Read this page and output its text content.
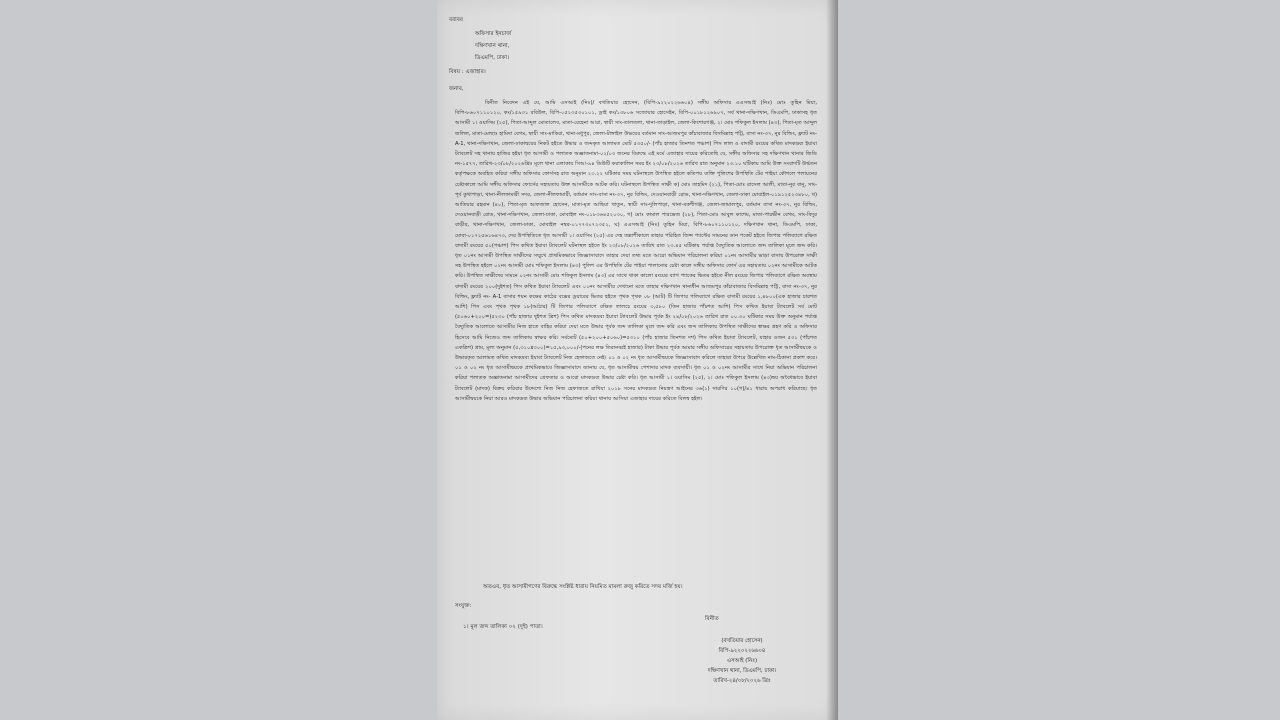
বরাবর
অফিসার ইনচার্জ
দক্ষিণখান থানা,
ডিএমপি, ঢাকা।
বিষয় : এজাহার।
জনাব,

বিনীত নিবেদন এই যে, আমি এসআই (নিঃ)/ বখতিয়ার হোসেন, (বিপি-৯২২০২২৬৬০৪) সঙ্গীয় অফিসার এএসআই (নিঃ) মোঃ তুহিন মিয়া, বিপি-৮৬০৭১১০১২০, কং/১৫৯৩১ রবিউল, বিপি-০৫২৩৫৩০১০১, ড্রাই কং/১৩৮০৬ সজোয়ার হোসেইন, বিপি-০০১৮১২৬৯০৭, সর্ব থানা-দক্ষিণখান, ডিএমপি, ঢাকাসহ ধৃত আসামী ১। ওয়াসিম (২৫), পিতা-আব্দুল মোতালেব, মাতা-রেহেনা আরা, স্থায়ী সাং-তালতলা, থানা-তাড়াইল, জেলা-কিশোরগঞ্জ, ২। মোঃ শফিকুল ইসলাম (৪৩), পিতা-মৃত আব্দুল জলিল, মাতা-মোছাঃ হামিদা বেগম, স্থায়ী সাং-মাকিরা, থানা-মধুপুর, জেলা-টাঙ্গাইল উভয়ের বর্তমান সাং-আজমপুর কাঁচাবাজার বিসমিল্লাহ পট্টি, বাসা নং-৩৭, নুর বিল্ডিং, ফ্ল্যাট নং- A-1, থানা-দক্ষিণখান, জেলা-ঢাকাদ্বয়ের নিকট হইতে উদ্ধার ও জব্দকৃত আলামত মোট ৫৩৫০/- (পাঁচ হাজার তিনশত পঞ্চাশ) পিস লাল ও বাদামী রংয়ের কথিত মাদকদ্রব্য ইয়াবা ট্যাবলেট সহ থানায় হাজির হইয়া ধৃত আসামী ও পলাতক অজ্ঞাতনামা-০২/০৩ জনের বিরুদ্ধে এই মর্মে এজাহার দায়ের করিতেছি যে, সঙ্গীয় অফিসার সহ দক্ষিণখান থানার জিডি নং-১৫৭৭, তারিখ-২৩/০৮/২০২৬খ্রিঃ মূলে থানা এলাকায় সিআ-৯৪ ডিউটি করাকালিন সময় ইং ২৩/০৮/২০২৬ তারিখ রাত অনুমান ২৩.১০ ঘটিকায় আমি উক্ত সংবাদটি উর্দ্ধতন কর্তৃপক্ষকে অবহিত করিয়া সঙ্গীয় অফিসার ফোর্সসহ রাত অনুমান ২৩.২২ ঘটিকার সময় ঘটনাস্থলে উপস্থিত হইলে কতিপয় ব্যক্তি পুলিশের উপস্থিতি টের পাইয়া কৌশলে পলায়নের চেষ্টাকালে আমি সঙ্গীয় অফিসার ফোর্সের সহায়তায় উক্ত আসামীকে আটক করি। ঘটনাস্থলে উপস্থিত সাক্ষী ক) মোঃ তাহমিদ (২১), পিতা-মোঃ রাসেল আলী, মাতা-নুর বানু, সাং-পূর্ব কুখাপাড়া, থানা-নীলফামারী সদর, জেলা-নীলফামারী, বর্তমান সাং-বাসা নং-৩৭, নুর বিল্ডিং, দেওয়ানবাড়ী রোড, থানা-দক্ষিণখান, জেলা-ঢাকা মোবাইল-০১৯১২৫২৩৪৮০, খ) আতিয়ার রহমান (৪০), পিতা-মৃত আফজাল হোসেন, মাতা-মৃত আছিয়া খাতুন, স্থায়ী সাং-দুলিপাড়া, থানা-বকশীগঞ্জ, জেলা-জামালপুর, বর্তমান বাসা নং-৩৭, নুর বিল্ডিং, দেওয়ানবাড়ী রোড, থানা-দক্ষিণখান, জেলা-ঢাকা, মোবাইল নং-০১৮৩৬৪৫২০৩০, গ) মোঃ কামাল পারভেজ (২৮), পিতা-মোঃ আবুল কাশেম, মাতা-পারভীন বেগম, সাং-বিদুর বাড়ীর, থানা-দক্ষিণখান, জেলা-ঢাকা, মোবাইল নম্বর-০১৭৭৩০৭২৩৫২, ঘ) এএসআই (নিঃ) তুহিন মিয়া, বিপি-৮৬০৭১১০১২০, দক্ষিণখান থানা, ডিএমপি, ঢাকা, মোবা-০১৭২৫৬১৬৪৭৩, দের উপস্থিতিতে ধৃত আসামী ১। ওয়াসিম (২৫) এর দেহ তল্লাশীকালে তাহার পরিহিত জিন্স প্যান্টের সামনের ডান পকেট হইতে জিপার পলিব্যাগে রক্ষিত বাদামী রংয়ের ৫০(পঞ্চাশ) পিস কথিত ইয়াবা ট্যাবলেট ঘটনাস্থল হইতে ইং ২৩/০৮/২০২৬ তারিখ রাত ২৩.৪৫ ঘটিকায় পর্যাপ্ত বৈদ্যুতিক আলোতে জব্দ তালিকা মূলে জব্দ করি। ধৃত ০১নং আসামী উপস্থিত সাক্ষীদের সম্মুখে প্রাথমিকভাবে জিজ্ঞাসাবাদে তাহার দেয়া তথ্য মতে আরো অভিযান পরিচালনা করিয়া ০১নং আসামীর ভাড়া বাসায় উপরোক্ত সাক্ষী সহ উপস্থিত হইলে ০২নং আসামী মোঃ শফিকুল ইসলাম (৪৩) পুলিশ এর উপস্থিতি টের পাইয়া পালানোর চেষ্টা কালে সঙ্গীয় অফিসার ফোর্স এর সহায়তায় ০২নং আসামীকে আটক করি। উপস্থিত সাক্ষীদের সামনে ০২নং আসামী মোঃ শফিকুল ইসলাম (৪৩) এর সাথে থাকা কালো রংয়ের ব্যাগ প্যাকের ভিতর হইতে নীল রংয়ের জিপার পলিব্যাগে রক্ষিত অবস্থায় বাদামী রংয়ের ২০০(দুইশত) পিস কথিত ইয়াবা ট্যাবলেট এবং ০১নং আসামীর দেখানো মতে তাহার দক্ষিণখান থানাধীন আজমপুর কাঁচাবাজার বিসমিল্লাহ পট্টি, বাসা নং-৩৭, নুর বিল্ডিং, ফ্ল্যাট নং- A-1 বাসার শয়ন কক্ষের কাঠের বক্সের ড্রয়ারের ভিতর হইতে পৃথক পৃথক ০৮ (আট) টি জিপার পলিব্যাগে রক্ষিত বাদামী রংয়ের ১,৪৮০০(এক হাজার চারশত আশি) পিস এবং পৃথক পৃথক ১৮(আঠার) টি জিপার পলিব্যাগে রক্ষিত লালচে রংয়ের ৩,৫৮০ (তিন হাজার পাঁচশত আশি) পিস কথিত ইয়াবা ট্যাবলেট সর্ব মোট (৫০৬০+২০০=)৫২৩০ (পাঁচ হাজার দুইশত ত্রিশ) পিস কথিত মাদকদ্রব্য ইয়াবা ট্যাবলেট উদ্ধার পূর্বক ইং ২৪/০৮/২০২৬ তারিখ রাত ০০.৩০ ঘটিকার সময় উক্ত অনুমান পর্যাপ্ত বৈদ্যুতিক আলোতে আসামীর নিজ হাতে বাহির করিয়া দেয়া মতে উদ্ধার পূর্বক জব্দ তালিকা মূলে জব্দ করি এবং জব্দ তালিকায় উপস্থিত সাক্ষীদের স্বাক্ষর গ্রহণ করি ও অফিসার হিসেবে আমি নিজেও জব্দ তালিকায় স্বাক্ষর করি। সর্বমোট (৫০+২০০+৫০৬০)=৫৩১০ (পাঁচ হাজার তিনশত দশ) পিস কথিত ইয়াবা ট্যাবলেট, যাহার ওজন ৫৩১ (পাঁচশত একত্রিশ) গ্রাম, মূল্য অনুমান (৫,৩১০x৩০০)=১৫,৯৩,০০০/-(পনের লক্ষ তিরানব্বই হাজার) টাকা উদ্ধার পূর্বক আমার সঙ্গীয় অফিসারের সহায়তায় উপরোক্ত ধৃত আসামীদ্বয়কে ও উদ্ধারকৃত আলামত কথিত মাদকদ্রব্য ইয়াবা ট্যাবলেট নিজ হেফাজতে নেই। ০১ ও ০২ নং ধৃত আসামীদ্বয়কে জিজ্ঞাসাবাদ করিলে তাহারা উপরে উল্লেখিত নাম-ঠিকানা প্রকাশ করে। ০১ ও ০২ নং ধৃত আসামীদ্বয়কে প্রাথমিকভাবে জিজ্ঞাসাবাদে জানায় যে, ধৃত আসামীদ্বয় পেশাদার মাদক ব্যবসায়ী। ধৃত ০১ ও ০২নং আসামীর সাথে নিয়া অভিযান পরিচালনা করিয়া পলাতক অজ্ঞাতনামা আসামীদের গ্রেফতার ও আরো মাদকদ্রব্য উদ্ধার চেষ্টা করি। ধৃত আসামী ১। ওয়াসিম (২৫), ২। মোঃ শফিকুল ইসলাম (৪৩)দ্বয় অবৈধভাবে ইয়াবা ট্যাবলেট (মাদক) বিক্রয় করিবার উদ্দেশ্যে নিজ নিজ হেফাজতে রাখিয়া ২০১৮ সনের মাদকদ্রব্য নিয়ন্ত্রণ আইনের ৩৬(১) সারণির ১০(গ)/৪১ ধারায় অপরাধ করিয়াছে। ধৃত আসামীদ্বয়কে নিয়া আরও মাদকদ্রব্য উদ্ধার অভিযান পরিচালনা করিয়া থানায় আসিয়া এজাহার দায়ের করিতে বিলম্ব হইল।

অতএব, ধৃত আসামীগণের বিরুদ্ধে সংশ্লিষ্ট ধারায় নিয়মিত মামলা রুজু করিতে সদয় মর্জি হয়।
সংযুক্ত:
১। মূল জব্দ তালিকা ০২ (দুই) পাতা।
বিনীত
(বখতিয়ার হোসেন)
বিপি-৯২২০২২৬৬০৪
এসআই (নিঃ)
দক্ষিণখান থানা, ডিএমপি, ঢাকা।
তারিখ-২৪/০৮/২০২৬ খ্রিঃ
